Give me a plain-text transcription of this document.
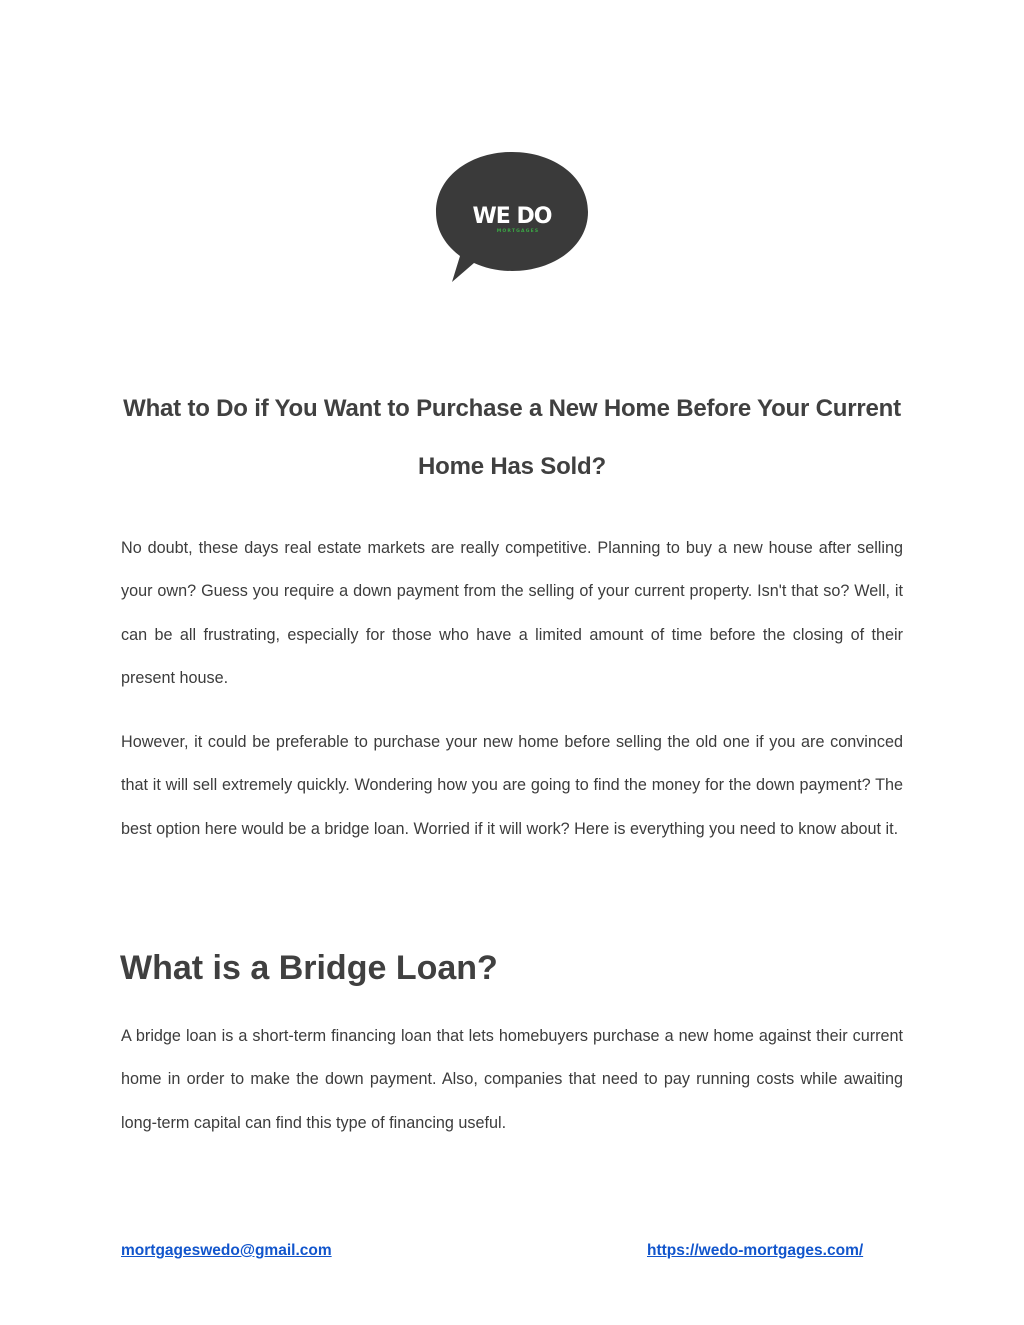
WE DO
MORTGAGES
What to Do if You Want to Purchase a New Home Before Your Current Home Has Sold?

No doubt, these days real estate markets are really competitive. Planning to buy a new house after selling your own? Guess you require a down payment from the selling of your current property. Isn't that so? Well, it can be all frustrating, especially for those who have a limited amount of time before the closing of their present house.

However, it could be preferable to purchase your new home before selling the old one if you are convinced that it will sell extremely quickly. Wondering how you are going to find the money for the down payment? The best option here would be a bridge loan. Worried if it will work? Here is everything you need to know about it.

What is a Bridge Loan?

A bridge loan is a short-term financing loan that lets homebuyers purchase a new home against their current home in order to make the down payment. Also, companies that need to pay running costs while awaiting long-term capital can find this type of financing useful.

mortgageswedo@gmail.com	https://wedo-mortgages.com/
